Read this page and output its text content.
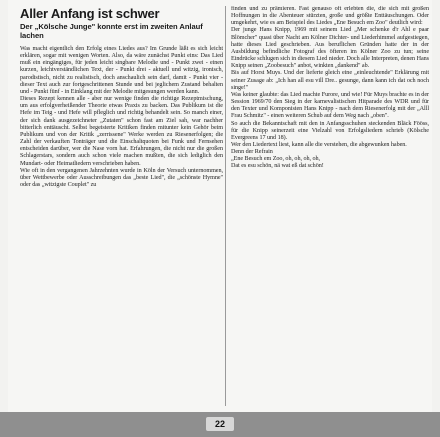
Aller Anfang ist schwer
Der „Kölsche Junge" konnte erst im zweiten Anlauf lachen

Was macht eigentlich den Erfolg eines Liedes aus? Im Grunde läßt es sich leicht erklären, sogar mit wenigen Worten. Also, da wäre zunächst Punkt eins: Das Lied muß ein eingängiges, für jeden leicht singbare Melodie und - Punkt zwei - einen kurzen, leichtverständlichen Text, der - Punkt drei - aktuell und witzig, ironisch, parodistisch, nicht zu realistisch, doch anschaulich sein darf, damit - Punkt vier - dieser Text auch zur fortgeschrittenen Stunde und bei jeglichem Zustand behalten und - Punkt fünf - in Einklang mit der Melodie mitgesungen werden kann.

Dieses Rezept kennen alle - aber nur wenige finden die richtige Rezeptmischung, um aus erfolgverheißender Theorie etwas Praxis zu backen. Das Publikum ist die Hefe im Teig - und Hefe will pfleglich und richtig behandelt sein. So manch einer, der sich dank ausgezeichneter „Zutaten" schon fast am Ziel sah, war nachher bitterlich enttäuscht. Selbst begeisterte Kritiken finden mitunter kein Gehör beim Publikum und von der Kritik „zerrissene" Werke werden zu Riesenerfolgen; die Zahl der verkauften Tonträger und die Einschaltquoten bei Funk und Fernsehen entscheiden darüber, wer die Nase vorn hat. Erfahrungen, die nicht nur die großen Schlagerstars, sondern auch schon viele machen mußten, die sich lediglich den Mundart- oder Heimatliedern verschrieben haben.

Wie oft in den vergangenen Jahrzehnten wurde in Köln der Versuch unternommen, über Wettbewerbe oder Ausschreibungen das „beste Lied", die „schönste Hymne" oder das „witzigste Couplet" zu

finden und zu prämieren. Fast genauso oft erlebten die, die sich mit großen Hoffnungen in die Abenteuer stürzten, große und größte Enttäuschungen. Oder umgekehrt, wie es am Beispiel des Liedes „Ene Besuch em Zoo" deutlich wird:

Der junge Hans Knipp, 1969 mit seinem Lied „Mer schenke d'r Ahl e paar Blömcher" quasi über Nacht am Kölner Dichter- und Liederhimmel aufgestiegen, hatte dieses Lied geschrieben. Aus beruflichen Gründen hatte der in der Ausbildung befindliche Fotograf des öfteren im Kölner Zoo zu tun; seine Eindrücke schlugen sich in diesem Lied nieder. Doch alle Interpreten, denen Hans Knipp seinen „Zoobesuch" anbot, winkten „dankend" ab.

Bis auf Horst Muys. Und der lieferte gleich eine „einleuchtende" Erklärung mit seiner Zusage ab: „Ich han all esu vill Dre.. gesunge, dann kann ich dat och noch singe!"

Was keiner glaubte: das Lied machte Furore, und wie! Für Muys brachte es in der Session 1969/70 den Sieg in der karnevalistischen Hitparade des WDR und für den Texter und Komponisten Hans Knipp - nach dem Riesenerfolg mit der „Alll Frau Schmitz" - einen weiteren Schub auf dem Weg nach „oben".

So auch die Bekanntschaft mit den in Anfangsschuhen steckenden Bläck Fööss, für die Knipp seinerzeit eine Vielzahl von Erfolgsliedern schrieb (Kölsche Evergreens 17 und 18).

Wer den Liedertext liest, kann alle die verstehen, die abgewunken haben.

Denn der Refrain

„Ene Besuch em Zoo, oh, oh, oh, oh,

Dat es esu schön, nä wat eß dat schön!

22
